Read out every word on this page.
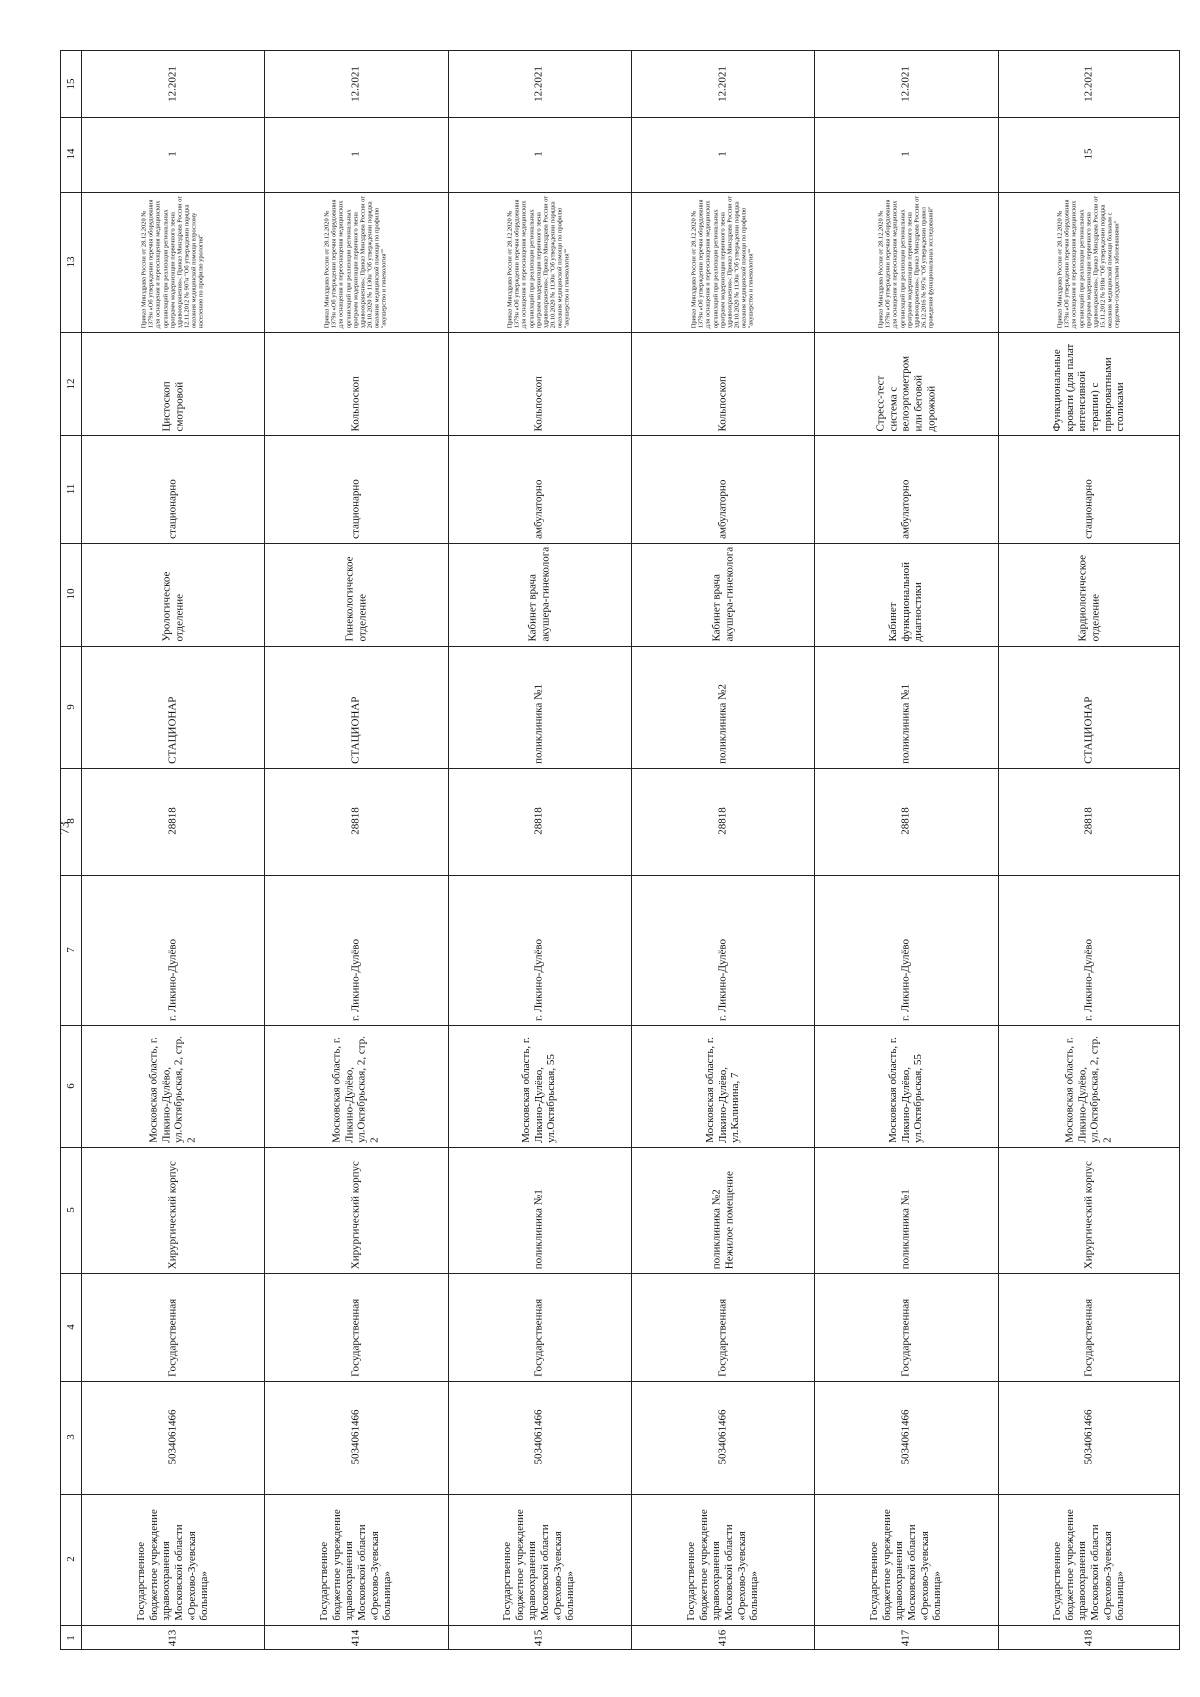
73
1
2
3
4
5
6
7
8
9
10
11
12
13
14
15
413
Государственное бюджетное учреждение здравоохранения Московской области «Орехово-Зуевская больница»
5034061466
Государственная
Хирургический корпус
Московская область, г. Ликино-Дулёво, ул.Октябрьская, 2, стр. 2
г. Ликино-Дулёво
28818
СТАЦИОНАР
Урологическое отделение
стационарно
Цистоскоп смотровой
Приказ Минздрава России от 28.12.2020 № 1379н «Об утверждении перечня оборудования для оснащения и переоснащения медицинских организаций при реализации региональных программ модернизации первичного звена здравоохранения»; Приказ Минздрава России от 12.11.2012 № 907н "Об утверждении порядка оказания медицинской помощи взрослому населению по профилю урология"
1
12.2021
414
Государственное бюджетное учреждение здравоохранения Московской области «Орехово-Зуевская больница»
5034061466
Государственная
Хирургический корпус
Московская область, г. Ликино-Дулёво, ул.Октябрьская, 2, стр. 2
г. Ликино-Дулёво
28818
СТАЦИОНАР
Гинекологическое отделение
стационарно
Кольпоскоп
Приказ Минздрава России от 28.12.2020 № 1379н «Об утверждении перечня оборудования для оснащения и переоснащения медицинских организаций при реализации региональных программ модернизации первичного звена здравоохранения»; Приказ Минздрава России от 20.10.2020 № 1130н "Об утверждении порядка оказания медицинской помощи по профилю "акушерство и гинекология""
1
12.2021
415
Государственное бюджетное учреждение здравоохранения Московской области «Орехово-Зуевская больница»
5034061466
Государственная
поликлиника №1
Московская область, г. Ликино-Дулёво, ул.Октябрьская, 55
г. Ликино-Дулёво
28818
поликлиника №1
Кабинет врача акушера-гинеколога
амбулаторно
Кольпоскоп
Приказ Минздрава России от 28.12.2020 № 1379н «Об утверждении перечня оборудования для оснащения и переоснащения медицинских организаций при реализации региональных программ модернизации первичного звена здравоохранения»; Приказ Минздрава России от 20.10.2020 № 1130н "Об утверждении порядка оказания медицинской помощи по профилю "акушерство и гинекология""
1
12.2021
416
Государственное бюджетное учреждение здравоохранения Московской области «Орехово-Зуевская больница»
5034061466
Государственная
поликлиника №2 Нежилое помещение
Московская область, г. Ликино-Дулёво, ул.Калинина, 7
г. Ликино-Дулёво
28818
поликлиника №2
Кабинет врача акушера-гинеколога
амбулаторно
Кольпоскоп
Приказ Минздрава России от 28.12.2020 № 1379н «Об утверждении перечня оборудования для оснащения и переоснащения медицинских организаций при реализации региональных программ модернизации первичного звена здравоохранения»; Приказ Минздрава России от 20.10.2020 № 1130н "Об утверждении порядка оказания медицинской помощи по профилю "акушерство и гинекология""
1
12.2021
417
Государственное бюджетное учреждение здравоохранения Московской области «Орехово-Зуевская больница»
5034061466
Государственная
поликлиника №1
Московская область, г. Ликино-Дулёво, ул.Октябрьская, 55
г. Ликино-Дулёво
28818
поликлиника №1
Кабинет функциональной диагностики
амбулаторно
Стресс-тест система с велоэргометром или беговой дорожкой
Приказ Минздрава России от 28.12.2020 № 1379н «Об утверждении перечня оборудования для оснащения и переоснащения медицинских организаций при реализации региональных программ модернизации первичного звена здравоохранения»; Приказ Минздрава России от 26.12.2016 № 997н "Об утверждении правил проведения функциональных исследований"
1
12.2021
418
Государственное бюджетное учреждение здравоохранения Московской области «Орехово-Зуевская больница»
5034061466
Государственная
Хирургический корпус
Московская область, г. Ликино-Дулёво, ул.Октябрьская, 2, стр. 2
г. Ликино-Дулёво
28818
СТАЦИОНАР
Кардиологическое отделение
стационарно
Функциональные кровати (для палат интенсивной терапии) с прикроватными столиками
Приказ Минздрава России от 28.12.2020 № 1379н «Об утверждении перечня оборудования для оснащения и переоснащения медицинских организаций при реализации региональных программ модернизации первичного звена здравоохранения»; Приказ Минздрава России от 15.11.2012 № 918н "Об утверждении порядка оказания медицинской помощи больным с сердечно-сосудистыми заболеваниями"
15
12.2021
